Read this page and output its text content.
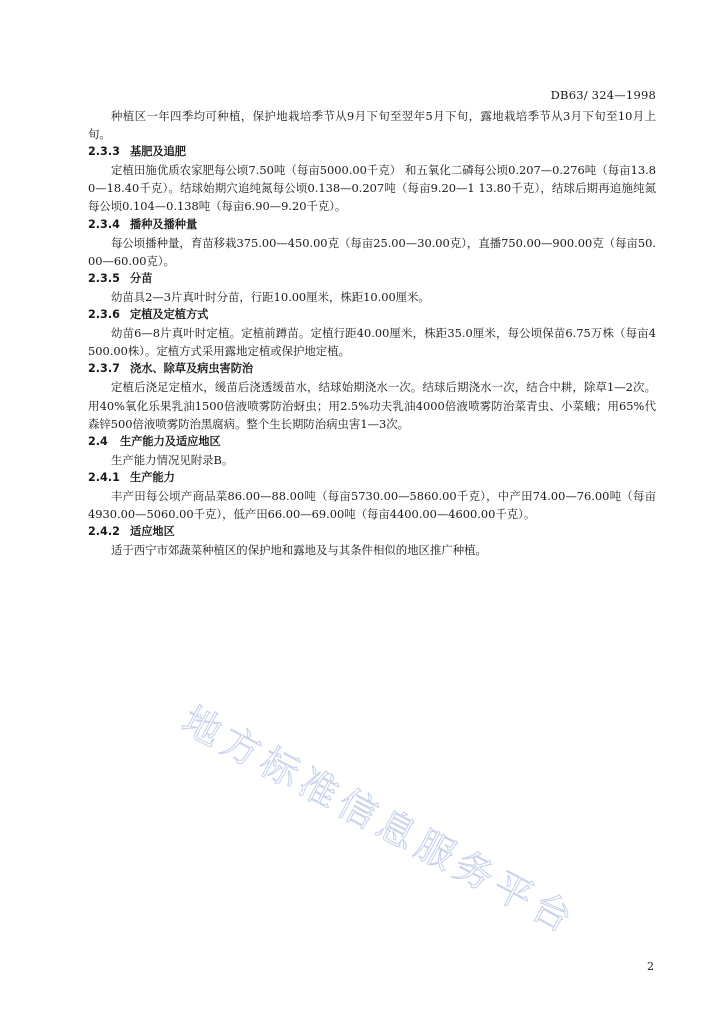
DB63/ 324—1998

种植区一年四季均可种植，保护地栽培季节从9月下旬至翌年5月下旬，露地栽培季节从3月下旬至10月上旬。

2.3.3 基肥及追肥

定植田施优质农家肥每公顷7.50吨（每亩5000.00千克） 和五氧化二磷每公顷0.207—0.276吨（每亩13.80—18.40千克）。结球始期穴追纯氮每公顷0.138—0.207吨（每亩9.20—1 13.80千克），结球后期再追施纯氮每公顷0.104—0.138吨（每亩6.90—9.20千克）。

2.3.4 播种及播种量

每公顷播种量，育苗移栽375.00—450.00克（每亩25.00—30.00克），直播750.00—900.00克（每亩50.00—60.00克）。

2.3.5 分苗

幼苗具2—3片真叶时分苗，行距10.00厘米，株距10.00厘米。

2.3.6 定植及定植方式

幼苗6—8片真叶时定植。定植前蹲苗。定植行距40.00厘米，株距35.0厘米，每公顷保苗6.75万株（每亩4500.00株）。定植方式采用露地定植或保护地定植。

2.3.7 浇水、除草及病虫害防治

定植后浇足定植水，缓苗后浇透缓苗水，结球始期浇水一次。结球后期浇水一次，结合中耕，除草1—2次。用40%氧化乐果乳油1500倍液喷雾防治蚜虫；用2.5%功夫乳油4000倍液喷雾防治菜青虫、小菜蛾；用65%代森锌500倍液喷雾防治黑腐病。整个生长期防治病虫害1—3次。

2.4 生产能力及适应地区

生产能力情况见附录B。

2.4.1 生产能力

丰产田每公顷产商品菜86.00—88.00吨（每亩5730.00—5860.00千克），中产田74.00—76.00吨（每亩4930.00—5060.00千克），低产田66.00—69.00吨（每亩4400.00—4600.00千克）。

2.4.2 适应地区

适于西宁市郊蔬菜种植区的保护地和露地及与其条件相似的地区推广种植。

地方标准信息服务平台
2
